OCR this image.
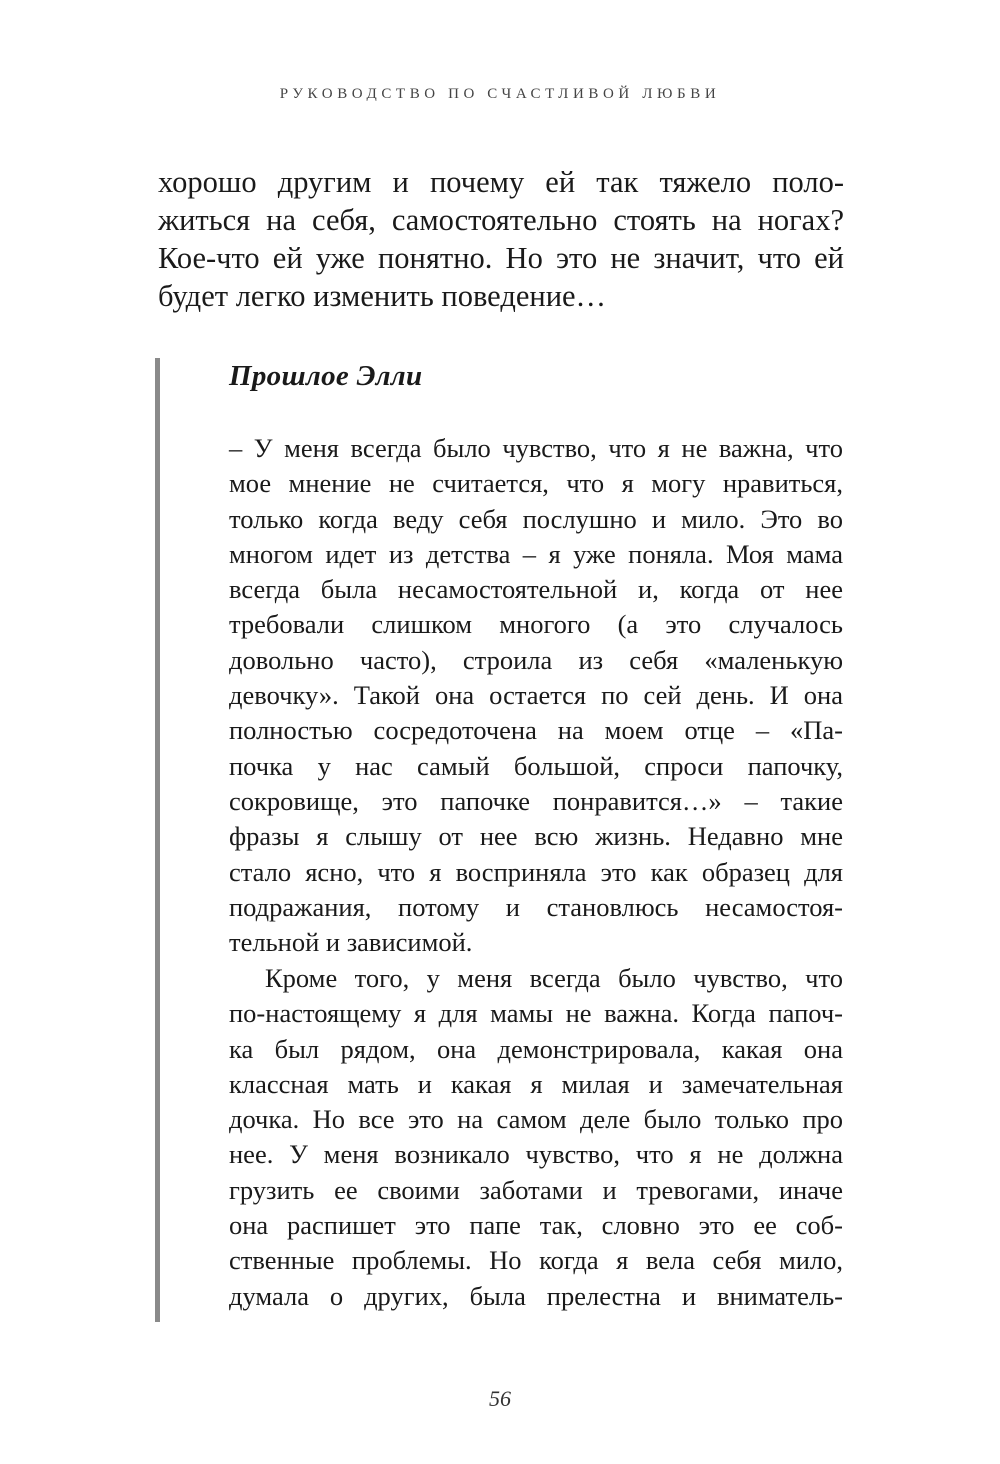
РУКОВОДСТВО ПО СЧАСТЛИВОЙ ЛЮБВИ
хорошо другим и почему ей так тяжело поло-
житься на себя, самостоятельно стоять на ногах?
Кое-что ей уже понятно. Но это не значит, что ей
будет легко изменить поведение…
Прошлое Элли
– У меня всегда было чувство, что я не важна, что
мое мнение не считается, что я могу нравиться,
только когда веду себя послушно и мило. Это во
многом идет из детства – я уже поняла. Моя мама
всегда была несамостоятельной и, когда от нее
требовали слишком многого (а это случалось
довольно часто), строила из себя «маленькую
девочку». Такой она остается по сей день. И она
полностью сосредоточена на моем отце – «Па-
почка у нас самый большой, спроси папочку,
сокровище, это папочке понравится…» – такие
фразы я слышу от нее всю жизнь. Недавно мне
стало ясно, что я восприняла это как образец для
подражания, потому и становлюсь несамостоя-
тельной и зависимой.
Кроме того, у меня всегда было чувство, что
по-настоящему я для мамы не важна. Когда папоч-
ка был рядом, она демонстрировала, какая она
классная мать и какая я милая и замечательная
дочка. Но все это на самом деле было только про
нее. У меня возникало чувство, что я не должна
грузить ее своими заботами и тревогами, иначе
она распишет это папе так, словно это ее соб-
ственные проблемы. Но когда я вела себя мило,
думала о других, была прелестна и вниматель-
56
